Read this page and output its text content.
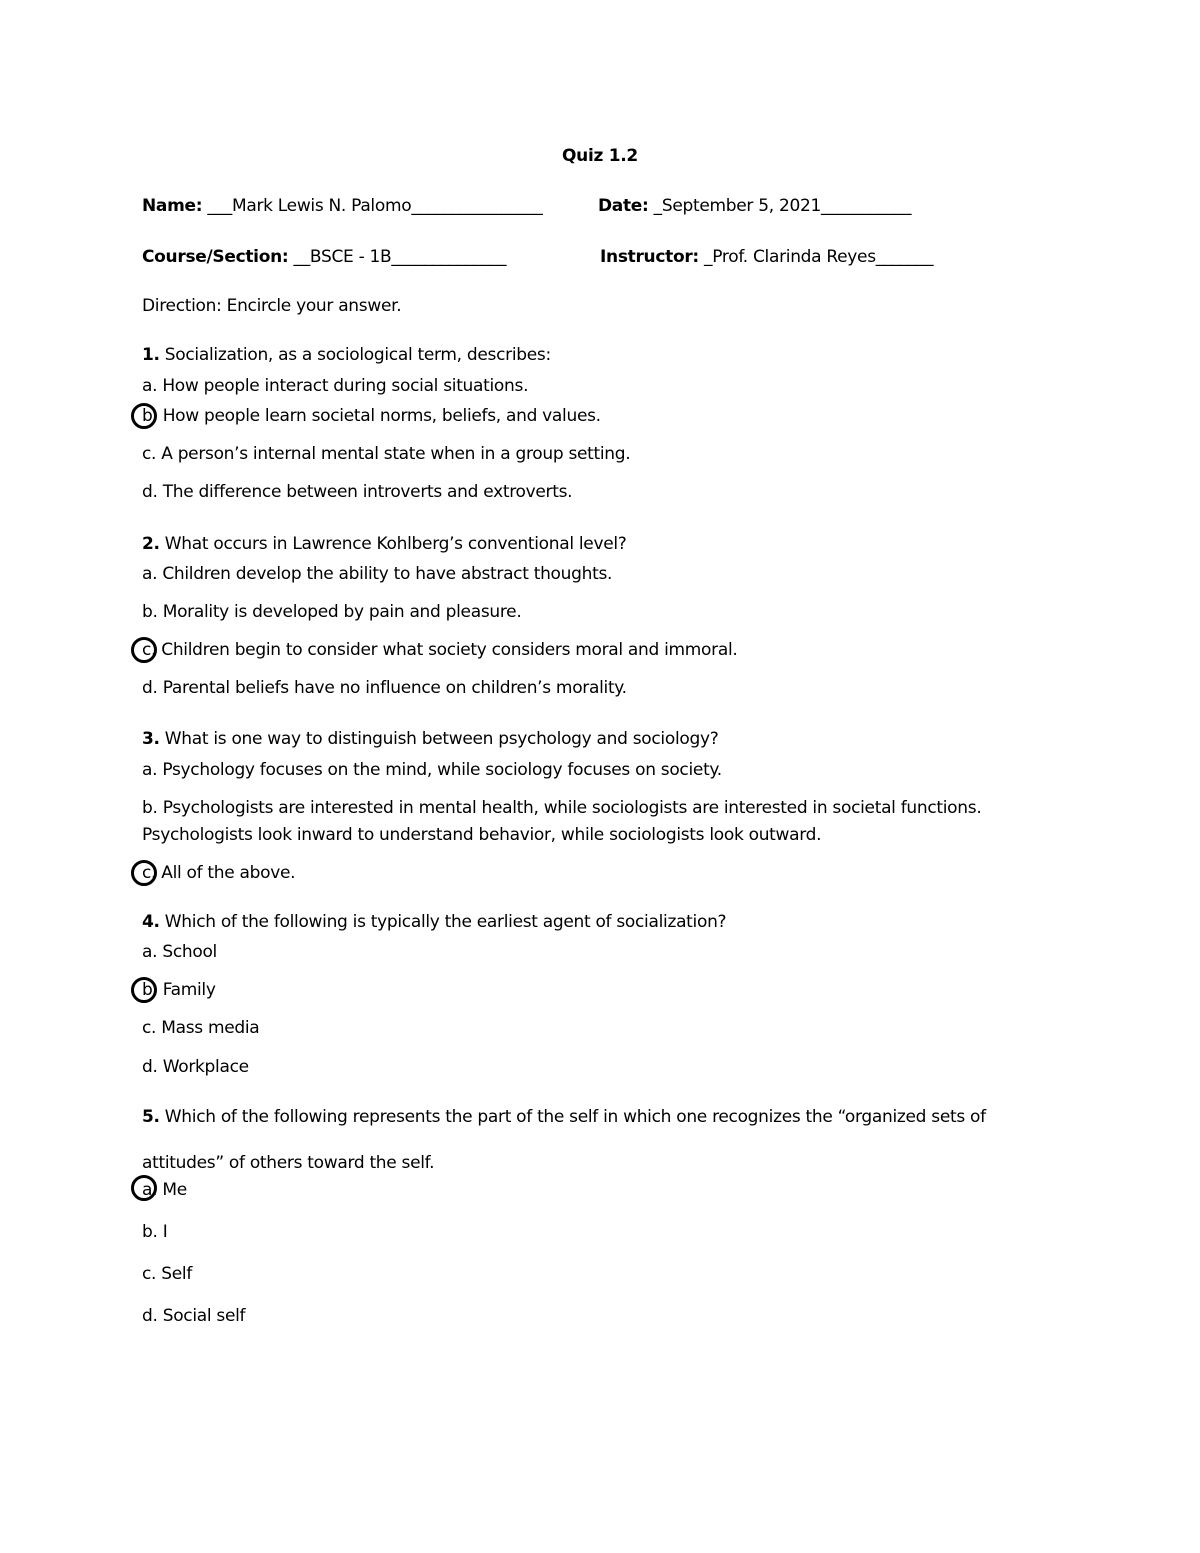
Quiz 1.2
Name: ___Mark Lewis N. Palomo________________	Date: _September 5, 2021___________
Course/Section: __BSCE - 1B______________	Instructor: _Prof. Clarinda Reyes_______
Direction: Encircle your answer.
1. Socialization, as a sociological term, describes:
a. How people interact during social situations.
b. How people learn societal norms, beliefs, and values.
c. A person’s internal mental state when in a group setting.
d. The difference between introverts and extroverts.
2. What occurs in Lawrence Kohlberg’s conventional level?
a. Children develop the ability to have abstract thoughts.
b. Morality is developed by pain and pleasure.
c. Children begin to consider what society considers moral and immoral.
d. Parental beliefs have no influence on children’s morality.
3. What is one way to distinguish between psychology and sociology?
a. Psychology focuses on the mind, while sociology focuses on society.
b. Psychologists are interested in mental health, while sociologists are interested in societal functions.
Psychologists look inward to understand behavior, while sociologists look outward.
c. All of the above.
4. Which of the following is typically the earliest agent of socialization?
a. School
b. Family
c. Mass media
d. Workplace
5. Which of the following represents the part of the self in which one recognizes the “organized sets of
attitudes” of others toward the self.
a. Me
b. I
c. Self
d. Social self
